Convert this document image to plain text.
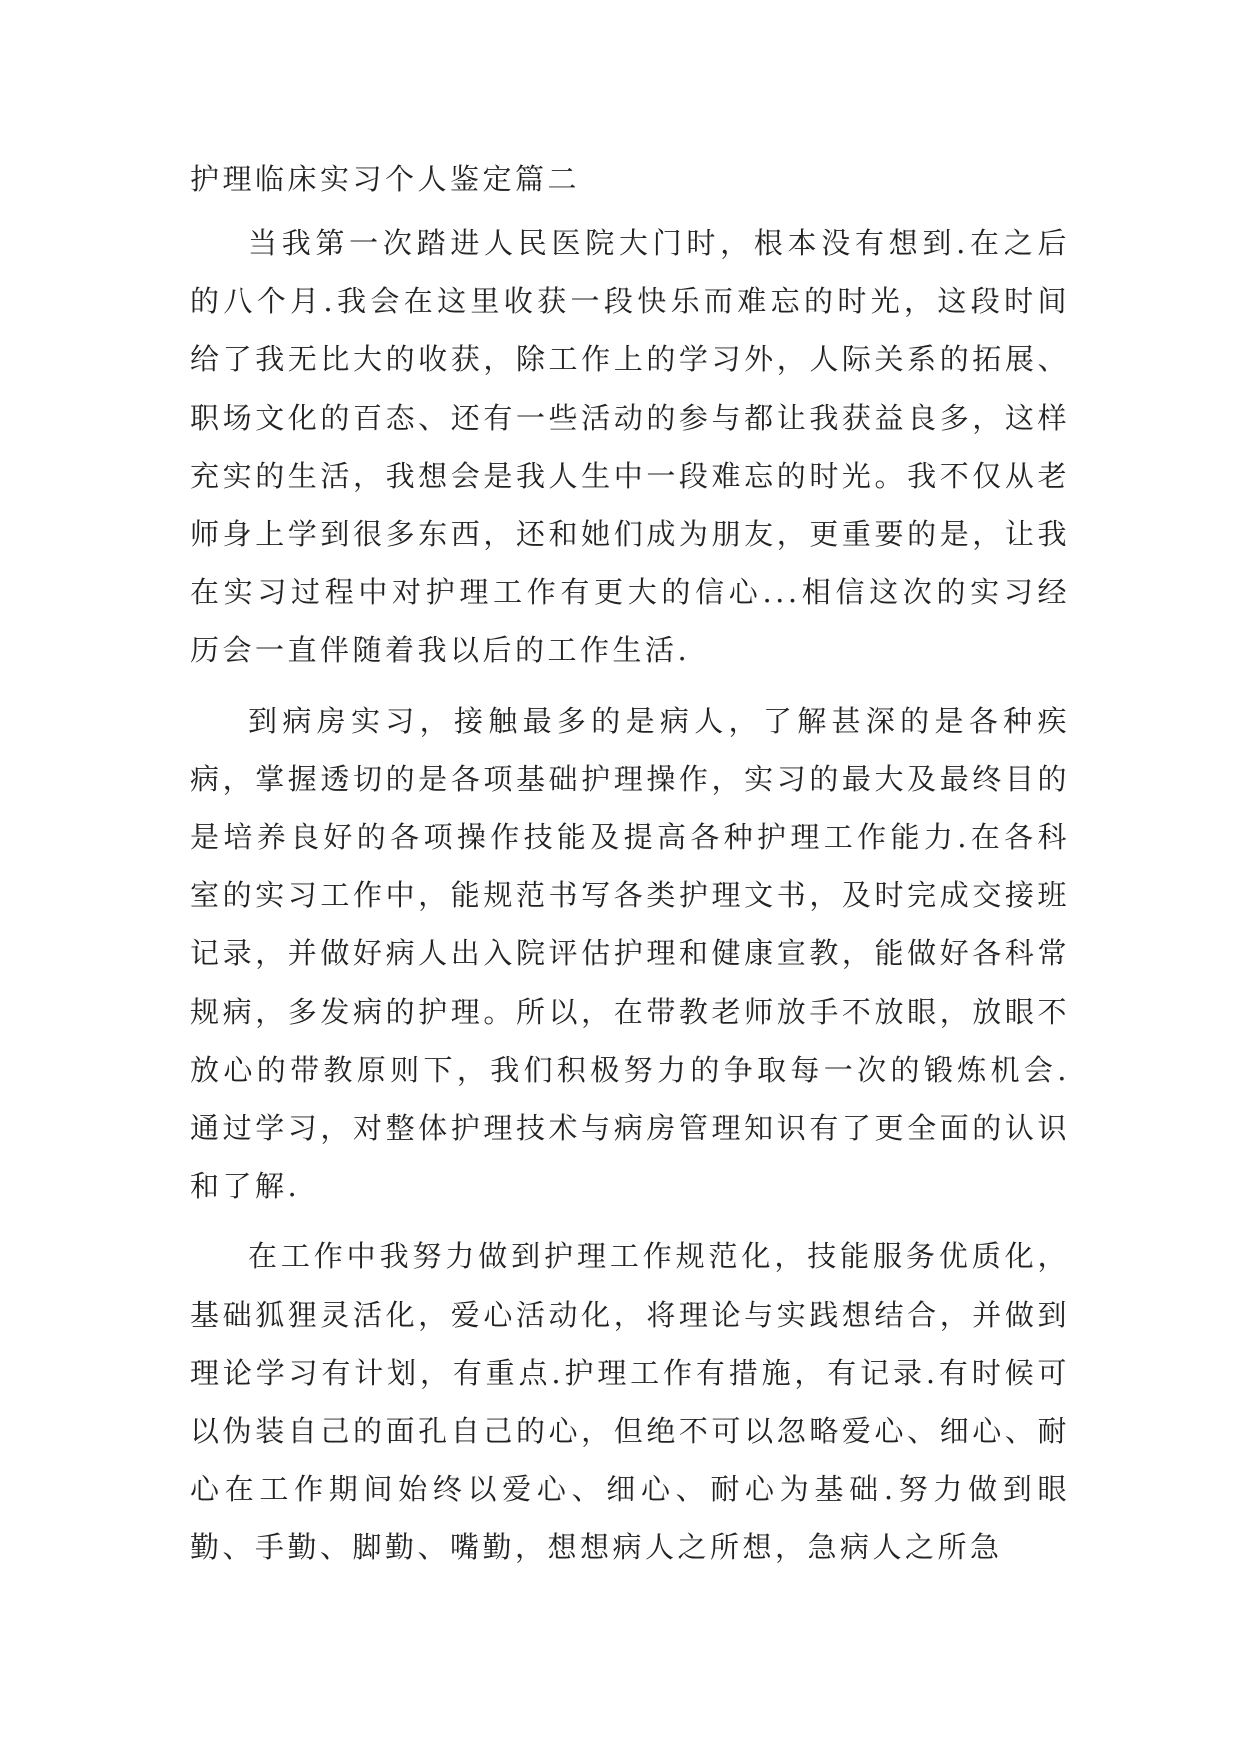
护理临床实习个人鉴定篇二

当我第一次踏进人民医院大门时，根本没有想到.在之后的八个月.我会在这里收获一段快乐而难忘的时光，这段时间给了我无比大的收获，除工作上的学习外，人际关系的拓展、职场文化的百态、还有一些活动的参与都让我获益良多，这样充实的生活，我想会是我人生中一段难忘的时光。我不仅从老师身上学到很多东西，还和她们成为朋友，更重要的是，让我在实习过程中对护理工作有更大的信心...相信这次的实习经历会一直伴随着我以后的工作生活.

到病房实习，接触最多的是病人，了解甚深的是各种疾病，掌握透切的是各项基础护理操作，实习的最大及最终目的是培养良好的各项操作技能及提高各种护理工作能力.在各科室的实习工作中，能规范书写各类护理文书，及时完成交接班记录，并做好病人出入院评估护理和健康宣教，能做好各科常规病，多发病的护理。所以，在带教老师放手不放眼，放眼不放心的带教原则下，我们积极努力的争取每一次的锻炼机会.通过学习，对整体护理技术与病房管理知识有了更全面的认识和了解.

在工作中我努力做到护理工作规范化，技能服务优质化，基础狐狸灵活化，爱心活动化，将理论与实践想结合，并做到理论学习有计划，有重点.护理工作有措施，有记录.有时候可以伪装自己的面孔自己的心，但绝不可以忽略爱心、细心、耐心在工作期间始终以爱心、细心、耐心为基础.努力做到眼勤、手勤、脚勤、嘴勤，想想病人之所想，急病人之所急
